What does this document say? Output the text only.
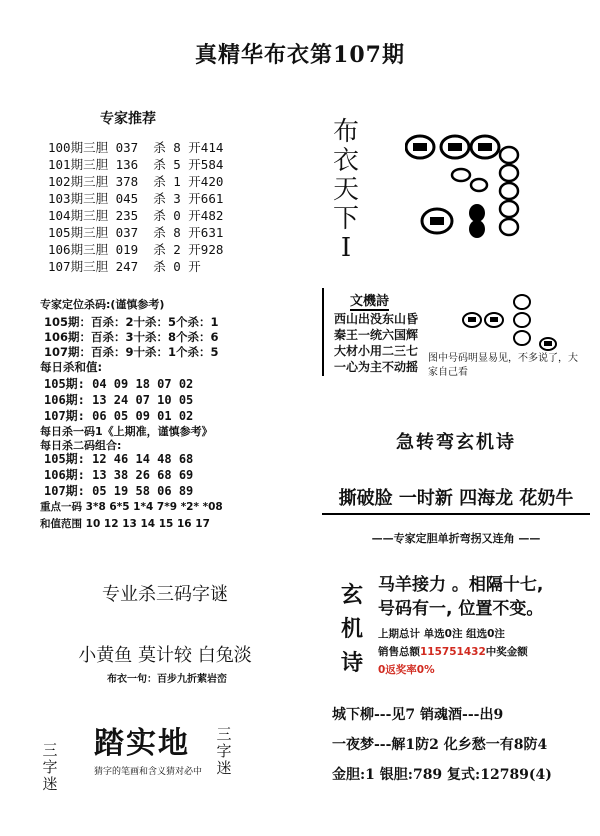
真精华布衣第107期
专家推荐
100期三胆 037  杀 8 开414
101期三胆 136  杀 5 开584
102期三胆 378  杀 1 开420
103期三胆 045  杀 3 开661
104期三胆 235  杀 0 开482
105期三胆 037  杀 8 开631
106期三胆 019  杀 2 开928
107期三胆 247  杀 0 开
专家定位杀码:(谨慎参考)
105期：百杀：2十杀：5个杀：1
106期：百杀：3十杀：8个杀：6
107期：百杀：9十杀：1个杀：5
每日杀和值:
105期: 04 09 18 07 02
106期: 13 24 07 10 05
107期: 06 05 09 01 02
每日杀一码1《上期准，谨慎参考》
每日杀二码组合:
105期: 12 46 14 48 68
106期: 13 38 26 68 69
107期: 05 19 58 06 89
重点一码 3*8 6*5 1*4 7*9 *2* *08
和值范围 10 12 13 14 15 16 17
布
衣
天
下
I
文機詩
西山出没东山昏
秦王一统六国辉
大材小用二三七
一心为主不动摇
图中号码明显易见，不多说了，大家自己看
急转弯玄机诗
撕破脸 一时新 四海龙 花奶牛
——专家定胆单折弯拐又连角 ——
专业杀三码字谜
小黄鱼 莫计较 白兔淡
布衣一句：百步九折萦岩峦
三
字
迷
踏实地
猜字的笔画和含义猜对必中
三
字
迷
玄
机
诗
马羊接力 。相隔十七,
号码有一, 位置不变。
上期总计 单选0注 组选0注
销售总额115751432中奖金额
0返奖率0%
城下柳---见7 销魂酒---出9
一夜梦---解1防2 化乡愁一有8防4
金胆:1 银胆:789 复式:12789(4)
